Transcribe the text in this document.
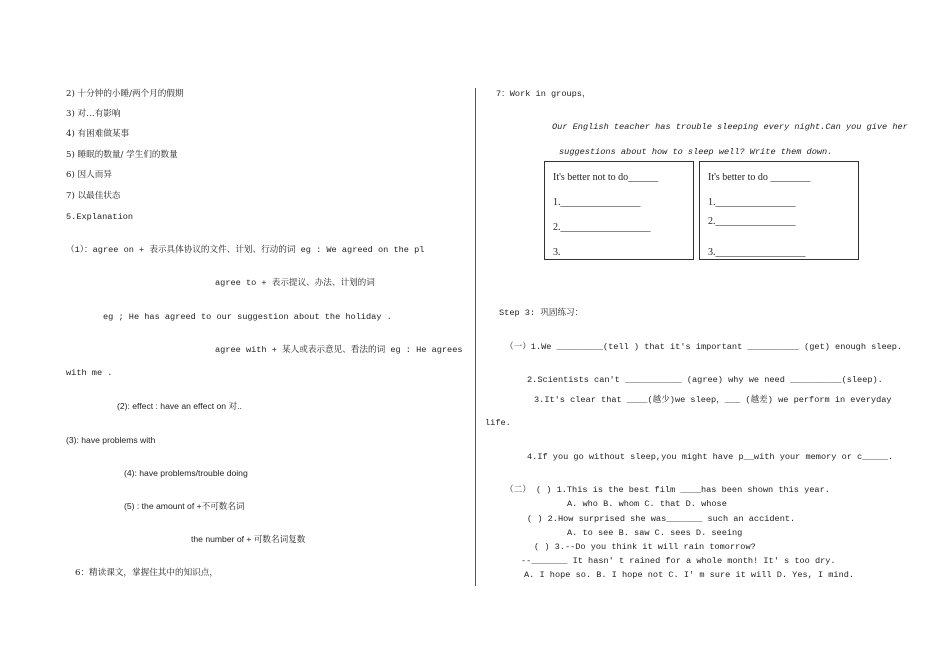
2) 十分钟的小睡/两个月的假期
3) 对…有影响
4) 有困难做某事
5) 睡眠的数量/ 学生们的数量
6) 因人而异
7) 以最佳状态
5.Explanation
（1）：agree on + 表示具体协议的文件、计划、行动的词 eg : We agreed on the pl
agree to + 表示提议、办法、计划的词
eg ; He has agreed to our suggestion about the holiday .
agree with + 某人或表示意见、看法的词 eg : He agrees
with me .
(2): effect : have an effect on 对..
(3): have problems with
(4): have problems/trouble doing
(5) : the amount of +不可数名词
the number of + 可数名词复数
6：精读课文，掌握住其中的知识点，
7：Work in groups，
Our English teacher has trouble sleeping every night.Can you give her
suggestions about how to sleep well? Write them down.
It's better not to do______
1.________________
2.__________________
3.
It's better to do ________
1.________________
2.________________
3.__________________
Step 3: 巩固练习：
（一）1.We _________(tell ) that it's important __________ (get) enough sleep.
2.Scientists can't ___________ (agree) why we need __________(sleep).
3.It's clear that ____(越少)we sleep，___ (越差) we perform in everyday
life.
4.If you go without sleep,you might have p__with your memory or c_____.
（二） ( ) 1.This is the best film ____has been shown this year.
A. who B. whom C. that D. whose
( ) 2.How surprised she was_______ such an accident.
A. to see B. saw C. sees D. seeing
( ) 3.--Do you think it will rain tomorrow?
--_______ It hasn' t rained for a whole month! It' s too dry.
A. I hope so. B. I hope not C. I' m sure it will D. Yes, I mind.
